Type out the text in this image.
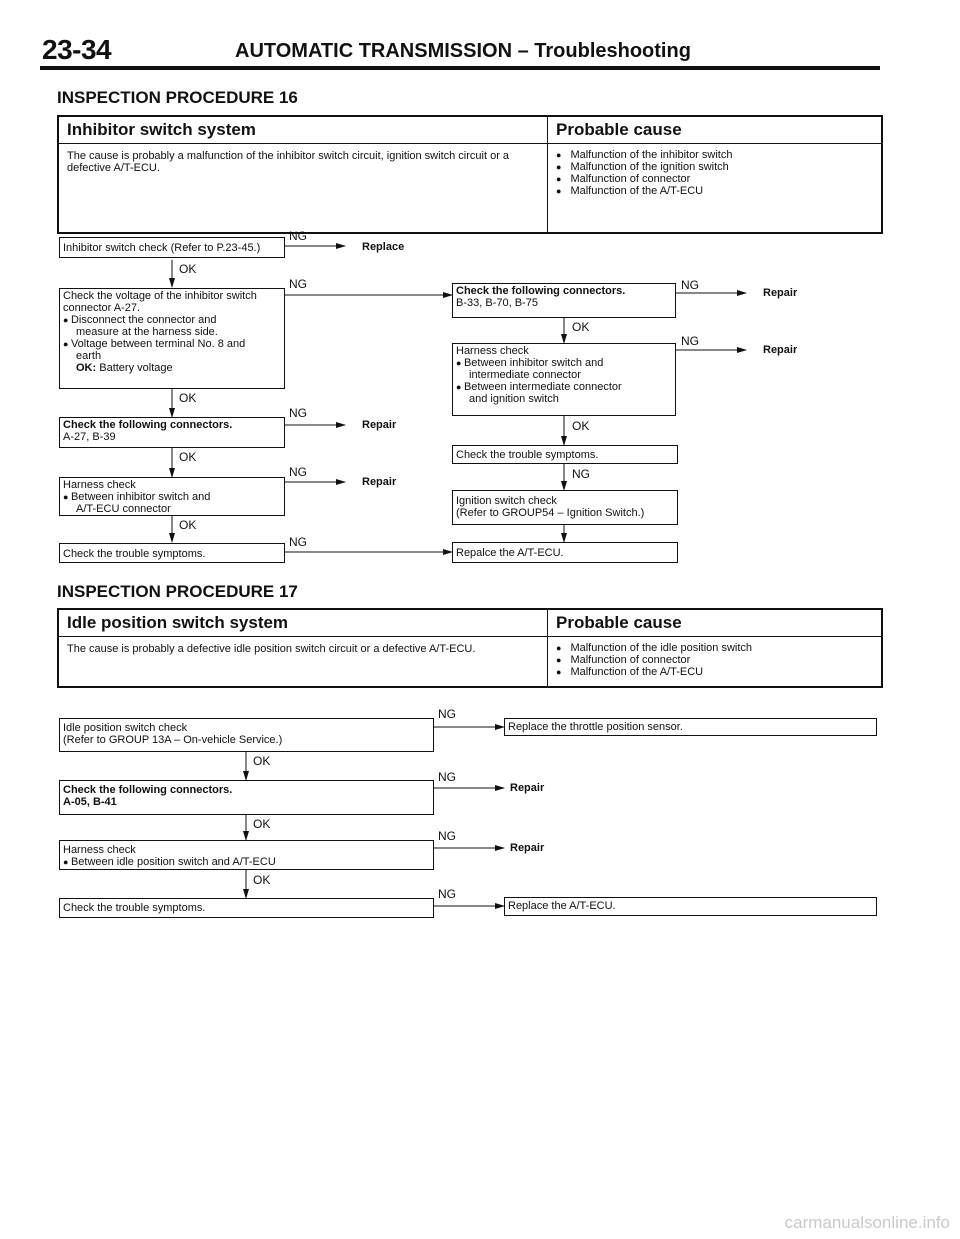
23-34	AUTOMATIC TRANSMISSION – Troubleshooting
INSPECTION PROCEDURE 16
Inhibitor switch system	Probable cause
The cause is probably a malfunction of the inhibitor switch circuit, ignition switch circuit or a defective A/T-ECU.
● Malfunction of the inhibitor switch
● Malfunction of the ignition switch
● Malfunction of connector
● Malfunction of the A/T-ECU
Inhibitor switch check (Refer to P.23-45.)
Check the voltage of the inhibitor switch
connector A-27.
● Disconnect the connector and
measure at the harness side.
● Voltage between terminal No. 8 and
earth
OK: Battery voltage
Check the following connectors.
A-27, B-39
Harness check
● Between inhibitor switch and
A/T-ECU connector
Check the trouble symptoms.
Check the following connectors.
B-33, B-70, B-75
Harness check
● Between inhibitor switch and
intermediate connector
● Between intermediate connector
and ignition switch
Check the trouble symptoms.
Ignition switch check
(Refer to GROUP54 – Ignition Switch.)
Repalce the A/T-ECU.
NG
Replace
OK
NG
OK
NG
Repair
OK
NG
Repair
OK
NG
NG
Repair
OK
NG
Repair
OK
NG
INSPECTION PROCEDURE 17
Idle position switch system	Probable cause
The cause is probably a defective idle position switch circuit or a defective A/T-ECU.
●	Malfunction of the idle position switch
● Malfunction of connector
● Malfunction of the A/T-ECU
Idle position switch check
(Refer to GROUP 13A – On-vehicle Service.)
Check the following connectors.
A-05, B-41
Harness check
● Between idle position switch and A/T-ECU
Check the trouble symptoms.
Replace the throttle position sensor.
Replace the A/T-ECU.
NG
OK
NG
Repair
OK
NG
Repair
OK
NG
carmanualsonline.info
